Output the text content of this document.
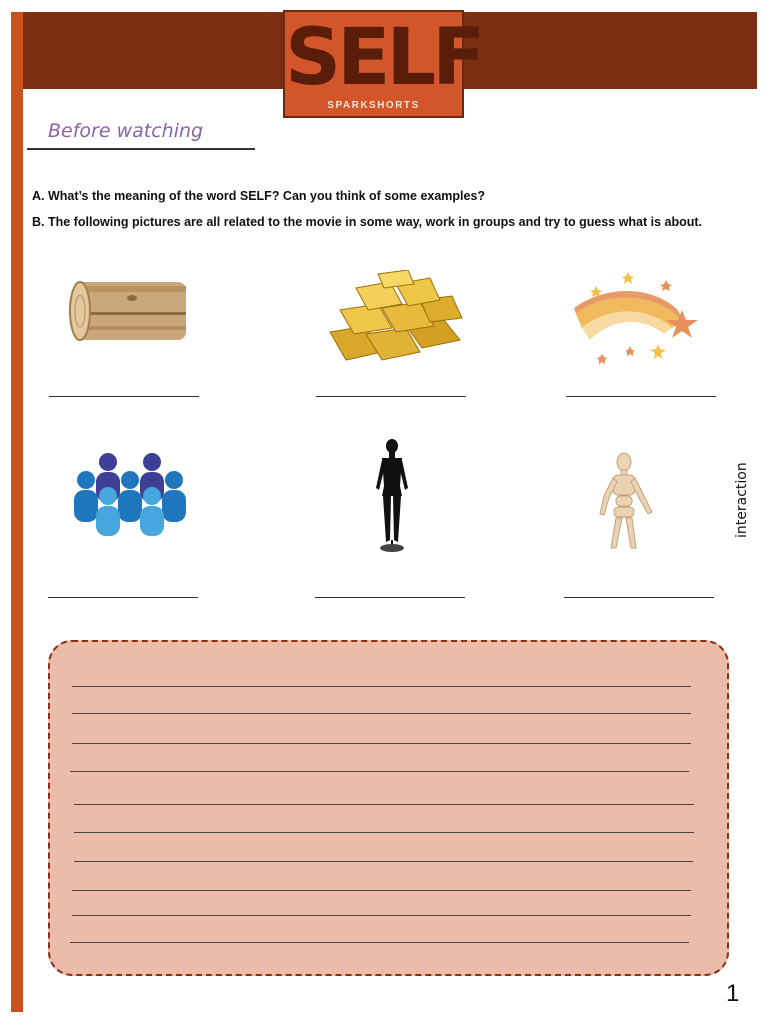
SELF
SPARKSHORTS
Before watching
A. What’s the meaning of the word SELF? Can you think of some examples?
B. The following pictures are all related to the movie in some way, work in groups and try to guess what is about.
interaction
1
